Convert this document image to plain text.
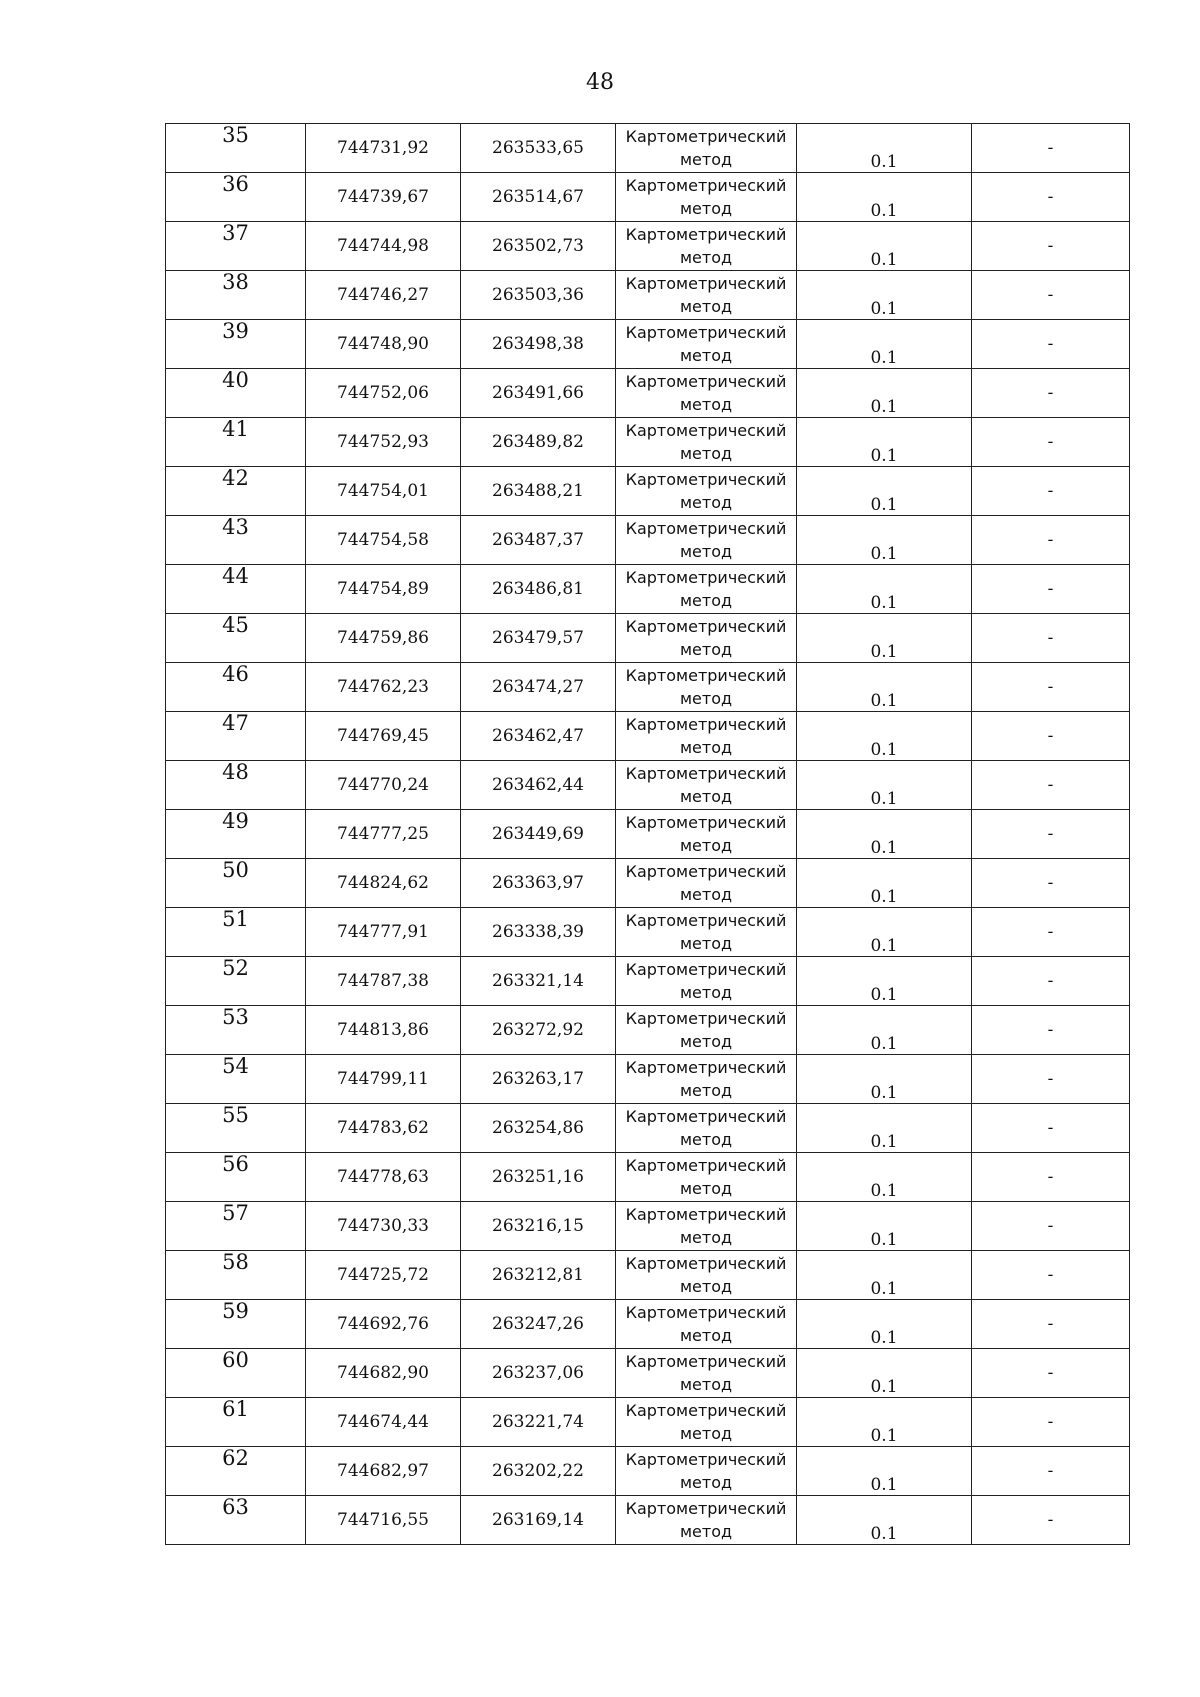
48
35	744731,92	263533,65	Картометрический
метод	0.1	-
36	744739,67	263514,67	Картометрический
метод	0.1	-
37	744744,98	263502,73	Картометрический
метод	0.1	-
38	744746,27	263503,36	Картометрический
метод	0.1	-
39	744748,90	263498,38	Картометрический
метод	0.1	-
40	744752,06	263491,66	Картометрический
метод	0.1	-
41	744752,93	263489,82	Картометрический
метод	0.1	-
42	744754,01	263488,21	Картометрический
метод	0.1	-
43	744754,58	263487,37	Картометрический
метод	0.1	-
44	744754,89	263486,81	Картометрический
метод	0.1	-
45	744759,86	263479,57	Картометрический
метод	0.1	-
46	744762,23	263474,27	Картометрический
метод	0.1	-
47	744769,45	263462,47	Картометрический
метод	0.1	-
48	744770,24	263462,44	Картометрический
метод	0.1	-
49	744777,25	263449,69	Картометрический
метод	0.1	-
50	744824,62	263363,97	Картометрический
метод	0.1	-
51	744777,91	263338,39	Картометрический
метод	0.1	-
52	744787,38	263321,14	Картометрический
метод	0.1	-
53	744813,86	263272,92	Картометрический
метод	0.1	-
54	744799,11	263263,17	Картометрический
метод	0.1	-
55	744783,62	263254,86	Картометрический
метод	0.1	-
56	744778,63	263251,16	Картометрический
метод	0.1	-
57	744730,33	263216,15	Картометрический
метод	0.1	-
58	744725,72	263212,81	Картометрический
метод	0.1	-
59	744692,76	263247,26	Картометрический
метод	0.1	-
60	744682,90	263237,06	Картометрический
метод	0.1	-
61	744674,44	263221,74	Картометрический
метод	0.1	-
62	744682,97	263202,22	Картометрический
метод	0.1	-
63	744716,55	263169,14	Картометрический
метод	0.1	-
